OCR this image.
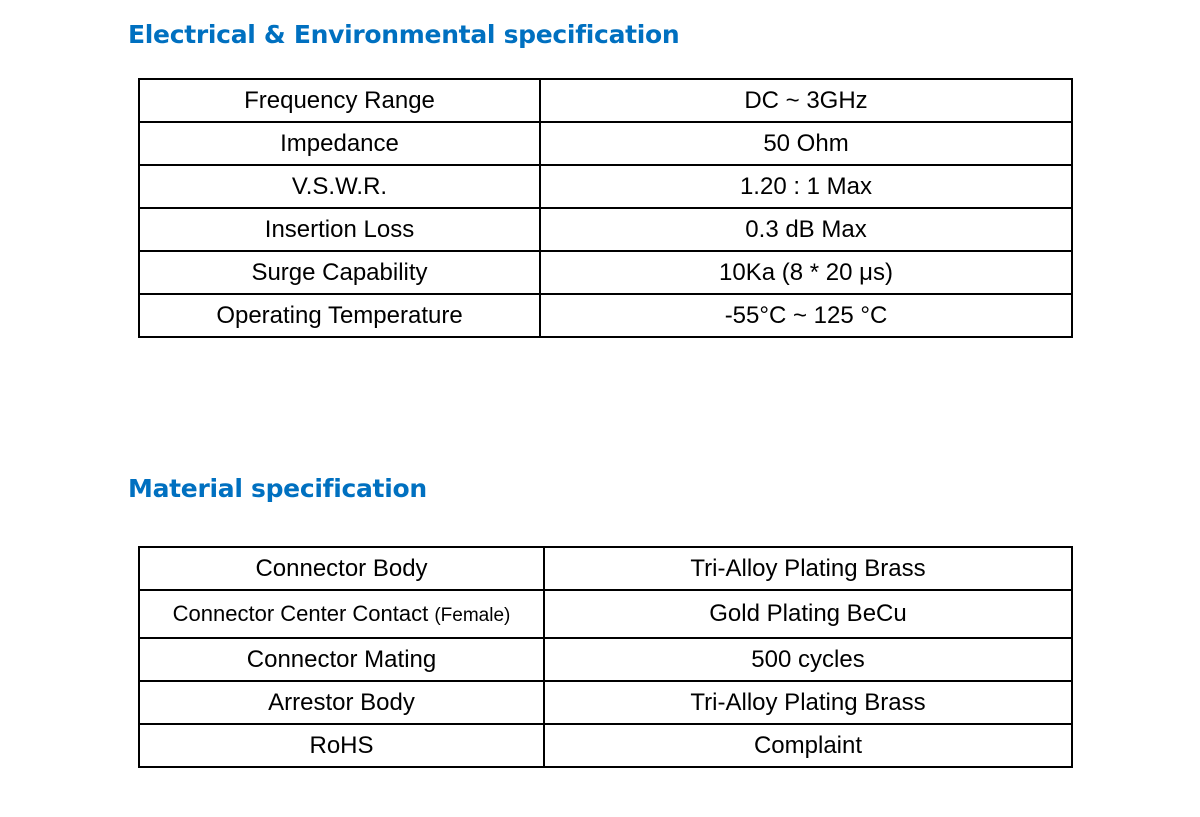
Electrical & Environmental specification
Frequency Range	DC ~ 3GHz
Impedance	50 Ohm
V.S.W.R.	1.20 : 1 Max
Insertion Loss	0.3 dB Max
Surge Capability	10Ka (8 * 20 μs)
Operating Temperature	-55°C ~ 125 °C
Material specification
Connector Body	Tri-Alloy Plating Brass
Connector Center Contact (Female)	Gold Plating BeCu
Connector Mating	500 cycles
Arrestor Body	Tri-Alloy Plating Brass
RoHS	Complaint
